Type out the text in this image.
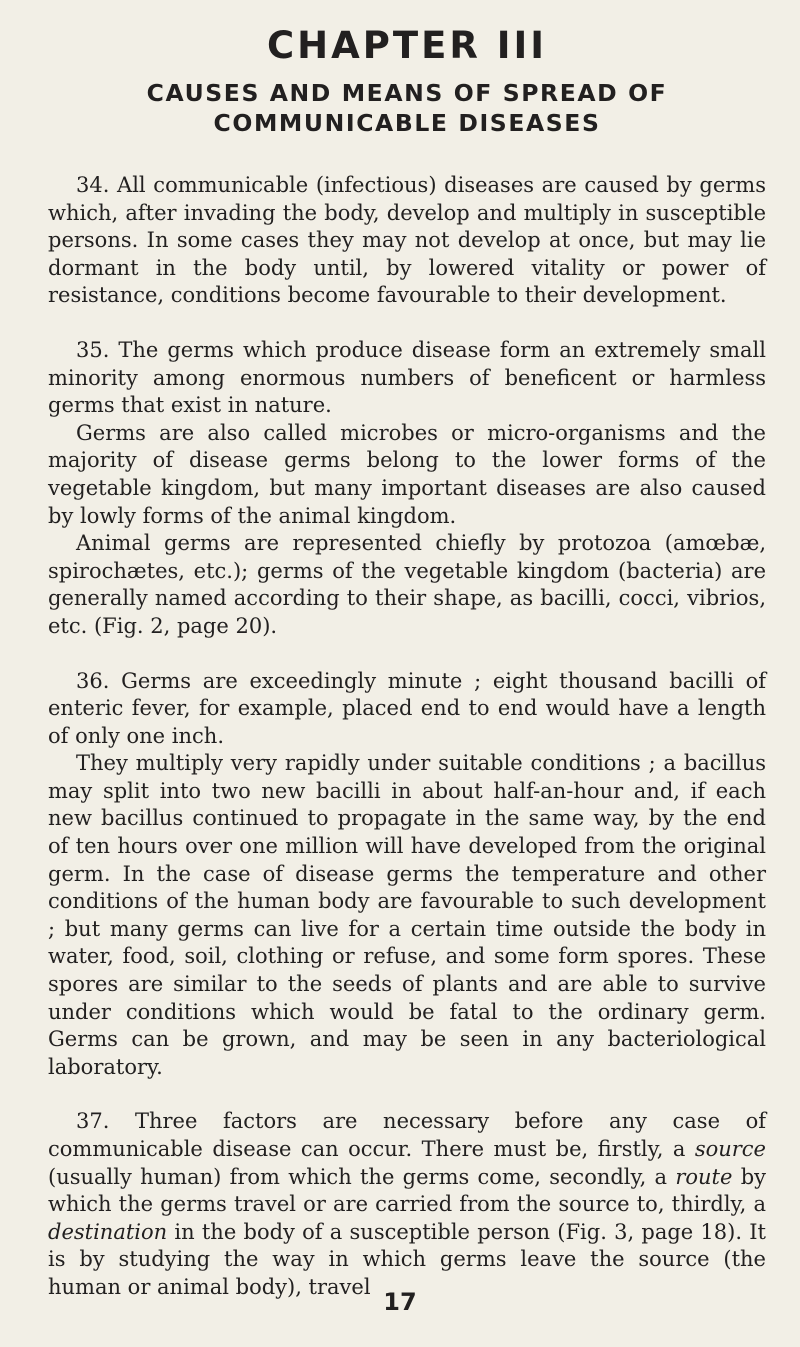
CHAPTER III
CAUSES AND MEANS OF SPREAD OF
COMMUNICABLE DISEASES

34. All communicable (infectious) diseases are caused by germs which, after invading the body, develop and multiply in susceptible persons. In some cases they may not develop at once, but may lie dormant in the body until, by lowered vitality or power of resistance, conditions become favourable to their development.

35. The germs which produce disease form an extremely small minority among enormous numbers of beneficent or harmless germs that exist in nature.

Germs are also called microbes or micro-organisms and the majority of disease germs belong to the lower forms of the vegetable kingdom, but many important diseases are also caused by lowly forms of the animal kingdom.

Animal germs are represented chiefly by protozoa (amœbæ, spirochætes, etc.); germs of the vegetable kingdom (bacteria) are generally named according to their shape, as bacilli, cocci, vibrios, etc. (Fig. 2, page 20).

36. Germs are exceedingly minute ; eight thousand bacilli of enteric fever, for example, placed end to end would have a length of only one inch.

They multiply very rapidly under suitable conditions ; a bacillus may split into two new bacilli in about half-an-hour and, if each new bacillus continued to propagate in the same way, by the end of ten hours over one million will have developed from the original germ. In the case of disease germs the temperature and other conditions of the human body are favourable to such development ; but many germs can live for a certain time outside the body in water, food, soil, clothing or refuse, and some form spores. These spores are similar to the seeds of plants and are able to survive under conditions which would be fatal to the ordinary germ. Germs can be grown, and may be seen in any bacteriological laboratory.

37. Three factors are necessary before any case of communicable disease can occur. There must be, firstly, a source (usually human) from which the germs come, secondly, a route by which the germs travel or are carried from the source to, thirdly, a destination in the body of a susceptible person (Fig. 3, page 18). It is by studying the way in which germs leave the source (the human or animal body), travel

17
